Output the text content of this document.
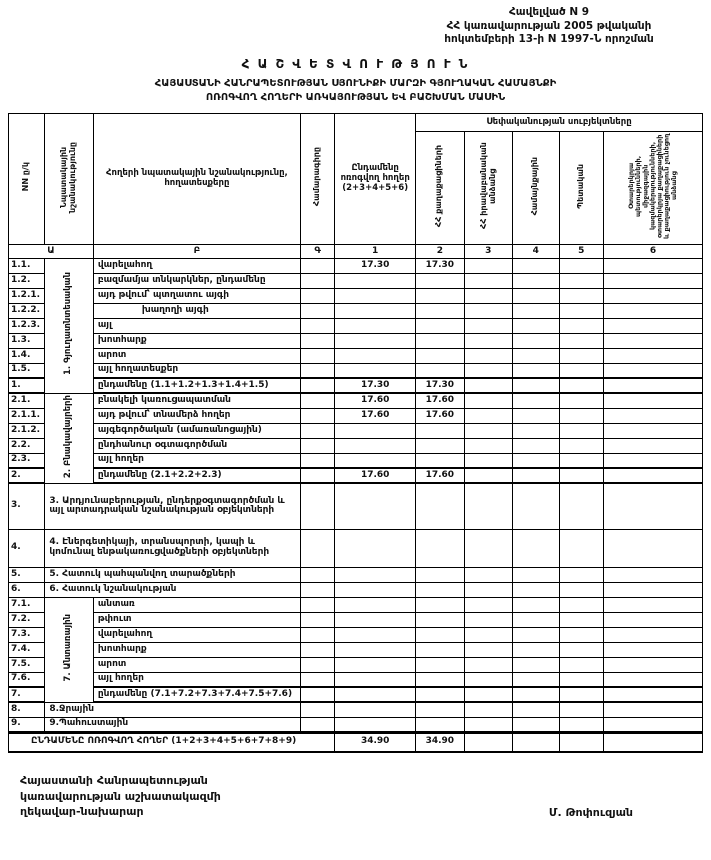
Հավելված N 9
ՀՀ կառավարության 2005 թվականի
հոկտեմբերի 13-ի N 1997-Ն որոշման
Հ Ա Շ Վ Ե Տ Վ Ո Ւ Թ Յ Ո Ւ Ն
ՀԱՅԱՍՏԱՆԻ ՀԱՆՐԱՊԵՏՈՒԹՅԱՆ ՍՅՈՒՆԻՔԻ ՄԱՐԶԻ ԳՅՈՒՂԱԿԱՆ ՀԱՄԱՅՆՔԻ
ՈՌՈԳՎՈՂ ՀՈՂԵՐԻ ԱՌԿԱՅՈՒԹՅԱՆ ԵՎ ԲԱՇԽՄԱՆ ՄԱՍԻՆ
NN ը/կ	Նպատակային նշանակությունը	Հողերի նպատակային նշանակությունը, հողատեսքերը	Համարագիրը	Ընդամենը ոռոգվող հողեր (2+3+4+5+6)	Սեփականության սուբյեկտները				
					ՀՀ քաղաքացիների	ՀՀ իրավաբանական անձանց	Համայնքային	Պետական	Օտարերկրյա պետությունների, միջազգային կազմակերպությունների, օտարերկրյա քաղաքացիների և քաղաքացիություն չունեցող անձանց
Ա		Բ	Գ	1	2	3	4	5	6
1.1.	1. Գյուղատնտեսական	վարելահող		17.30	17.30				
1.2.		բազմամյա տնկարկներ, ընդամենը							
1.2.1.		այդ թվում՝ պտղատու այգի							
1.2.2.		խաղողի այգի							
1.2.3.		այլ							
1.3.		խոտհարք							
1.4.		արոտ							
1.5.		այլ հողատեսքեր							
1.		ընդամենը (1.1+1.2+1.3+1.4+1.5)		17.30	17.30				
2.1.	2. Բնակավայրերի	բնակելի կառուցապատման		17.60	17.60				
2.1.1.		այդ թվում՝ տնամերձ հողեր		17.60	17.60				
2.1.2.		այգեգործական (ամառանոցային)							
2.2.		ընդհանուր օգտագործման							
2.3.		այլ հողեր							
2.		ընդամենը (2.1+2.2+2.3)		17.60	17.60				
3.	3. Արդյունաբերության, ընդերքօգտագործման և այլ արտադրական նշանակության օբյեկտների								
4.	4. Էներգետիկայի, տրանսպորտի, կապի և կոմունալ ենթակառուցվածքների օբյեկտների								
5.	5. Հատուկ պահպանվող տարածքների								
6.	6. Հատուկ նշանակության								
7.1.	7. Անտառային	անտառ							
7.2.		թփուտ							
7.3.		վարելահող							
7.4.		խոտհարք							
7.5.		արոտ							
7.6.		այլ հողեր							
7.		ընդամենը (7.1+7.2+7.3+7.4+7.5+7.6)							
8.	8.Ջրային								
9.	9.Պահուստային								
ԸՆԴԱՄԵՆԸ ՈՌՈԳՎՈՂ ՀՈՂԵՐ (1+2+3+4+5+6+7+8+9)				34.90	34.90				
Հայաստանի Հանրապետության
կառավարության աշխատակազմի
ղեկավար-նախարար	Մ. Թոփուզյան
